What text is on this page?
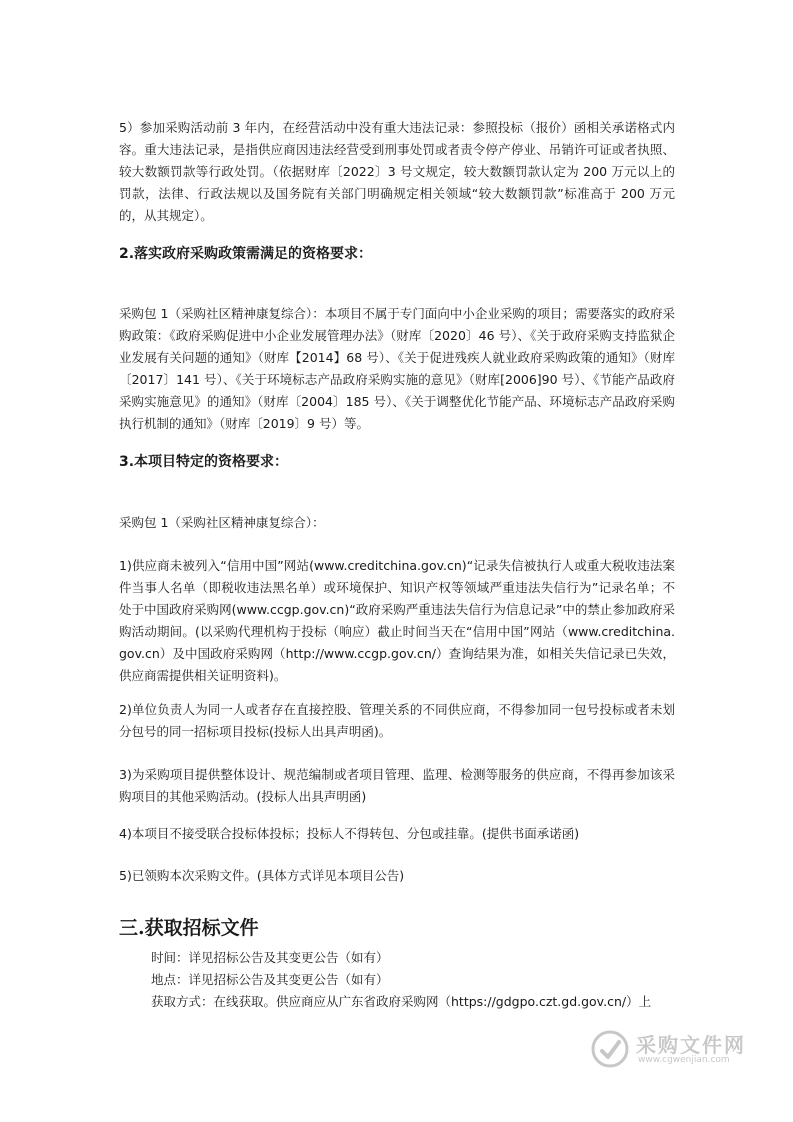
5）参加采购活动前 3 年内，在经营活动中没有重大违法记录：参照投标（报价）函相关承诺格式内容。重大违法记录，是指供应商因违法经营受到刑事处罚或者责令停产停业、吊销许可证或者执照、较大数额罚款等行政处罚。（依据财库〔2022〕3 号文规定，较大数额罚款认定为 200 万元以上的罚款，法律、行政法规以及国务院有关部门明确规定相关领域“较大数额罚款”标准高于 200 万元的，从其规定）。

2.落实政府采购政策需满足的资格要求：

采购包 1（采购社区精神康复综合）：本项目不属于专门面向中小企业采购的项目；需要落实的政府采购政策：《政府采购促进中小企业发展管理办法》（财库〔2020〕46 号）、《关于政府采购支持监狱企业发展有关问题的通知》（财库【2014】68 号）、《关于促进残疾人就业政府采购政策的通知》（财库〔2017〕141 号）、《关于环境标志产品政府采购实施的意见》（财库[2006]90 号）、《节能产品政府采购实施意见》的通知》（财库〔2004〕185 号）、《关于调整优化节能产品、环境标志产品政府采购执行机制的通知》（财库〔2019〕9 号）等。

3.本项目特定的资格要求：

采购包 1（采购社区精神康复综合）：

1)供应商未被列入“信用中国”网站(www.creditchina.gov.cn)“记录失信被执行人或重大税收违法案件当事人名单（即税收违法黑名单）或环境保护、知识产权等领域严重违法失信行为”记录名单；不处于中国政府采购网(www.ccgp.gov.cn)“政府采购严重违法失信行为信息记录”中的禁止参加政府采购活动期间。(以采购代理机构于投标（响应）截止时间当天在“信用中国”网站（www.creditchina.gov.cn）及中国政府采购网（http://www.ccgp.gov.cn/）查询结果为准，如相关失信记录已失效，供应商需提供相关证明资料)。

2)单位负责人为同一人或者存在直接控股、管理关系的不同供应商，不得参加同一包号投标或者未划分包号的同一招标项目投标(投标人出具声明函)。

3)为采购项目提供整体设计、规范编制或者项目管理、监理、检测等服务的供应商，不得再参加该采购项目的其他采购活动。(投标人出具声明函)

4)本项目不接受联合投标体投标；投标人不得转包、分包或挂靠。(提供书面承诺函)

5)已领购本次采购文件。(具体方式详见本项目公告)

三.获取招标文件

时间：详见招标公告及其变更公告（如有）

地点：详见招标公告及其变更公告（如有）

获取方式：在线获取。供应商应从广东省政府采购网（https://gdgpo.czt.gd.gov.cn/）上

采购文件网
www.cgwenjian.com
